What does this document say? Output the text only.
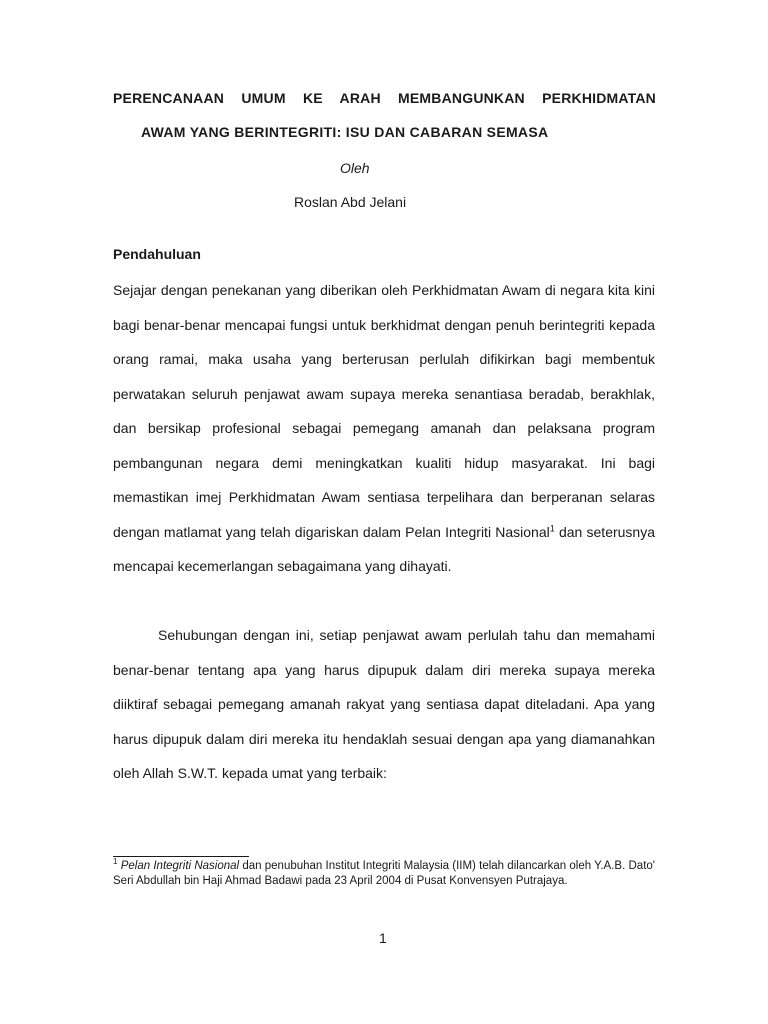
PERENCANAAN UMUM KE ARAH MEMBANGUNKAN PERKHIDMATAN
AWAM YANG BERINTEGRITI: ISU DAN CABARAN SEMASA
Oleh
Roslan Abd Jelani
Pendahuluan

Sejajar dengan penekanan yang diberikan oleh Perkhidmatan Awam di negara kita kini bagi benar-benar mencapai fungsi untuk berkhidmat dengan penuh berintegriti kepada orang ramai, maka usaha yang berterusan perlulah difikirkan bagi membentuk perwatakan seluruh penjawat awam supaya mereka senantiasa beradab, berakhlak, dan bersikap profesional sebagai pemegang amanah dan pelaksana program pembangunan negara demi meningkatkan kualiti hidup masyarakat. Ini bagi memastikan imej Perkhidmatan Awam sentiasa terpelihara dan berperanan selaras dengan matlamat yang telah digariskan dalam Pelan Integriti Nasional$^1$ dan seterusnya mencapai kecemerlangan sebagaimana yang dihayati.

Sehubungan dengan ini, setiap penjawat awam perlulah tahu dan memahami benar-benar tentang apa yang harus dipupuk dalam diri mereka supaya mereka diiktiraf sebagai pemegang amanah rakyat yang sentiasa dapat diteladani. Apa yang harus dipupuk dalam diri mereka itu hendaklah sesuai dengan apa yang diamanahkan oleh Allah S.W.T. kepada umat yang terbaik:

$^1$ Pelan Integriti Nasional dan penubuhan Institut Integriti Malaysia (IIM) telah dilancarkan oleh Y.A.B. Dato' Seri Abdullah bin Haji Ahmad Badawi pada 23 April 2004 di Pusat Konvensyen Putrajaya.
1
